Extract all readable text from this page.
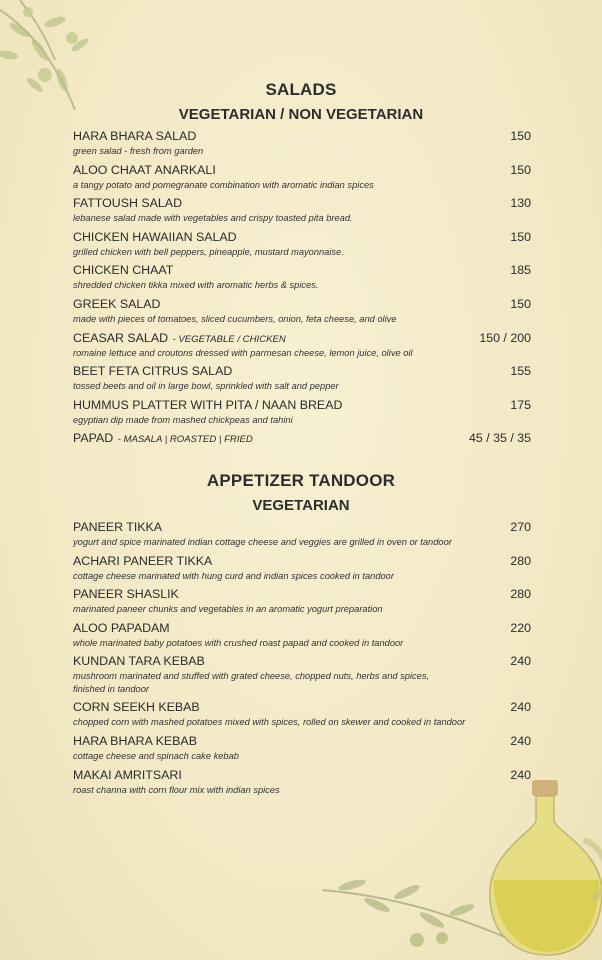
SALADS
VEGETARIAN / NON VEGETARIAN
HARA BHARA SALAD	150
green salad - fresh from garden
ALOO CHAAT ANARKALI	150
a tangy potato and pomegranate combination with aromatic indian spices
FATTOUSH SALAD	130
lebanese salad made with vegetables and crispy toasted pita bread.
CHICKEN HAWAIIAN SALAD	150
grilled chicken with bell peppers, pineapple, mustard mayonnaise.
CHICKEN CHAAT	185
shredded chicken tikka mixed with aromatic herbs & spices.
GREEK SALAD	150
made with pieces of tomatoes, sliced cucumbers, onion, feta cheese, and olive
CEASAR SALAD - VEGETABLE / CHICKEN	150 / 200
romaine lettuce and croutons dressed with parmesan cheese, lemon juice, olive oil
BEET FETA CITRUS SALAD	155
tossed beets and oil in large bowl, sprinkled with salt and pepper
HUMMUS PLATTER WITH PITA / NAAN BREAD	175
egyptian dip made from mashed chickpeas and tahini
PAPAD - MASALA | ROASTED | FRIED	45 / 35 / 35
APPETIZER TANDOOR
VEGETARIAN
PANEER TIKKA	270
yogurt and spice marinated indian cottage cheese and veggies are grilled in oven or tandoor
ACHARI PANEER TIKKA	280
cottage cheese marinated with hung curd and indian spices cooked in tandoor
PANEER SHASLIK	280
marinated paneer chunks and vegetables in an aromatic yogurt preparation
ALOO PAPADAM	220
whole marinated baby potatoes with crushed roast papad and cooked in tandoor
KUNDAN TARA KEBAB	240
mushroom marinated and stuffed with grated cheese, chopped nuts, herbs and spices,
finished in tandoor
CORN SEEKH KEBAB	240
chopped corn with mashed potatoes mixed with spices, rolled on skewer and cooked in tandoor
HARA BHARA KEBAB	240
cottage cheese and spinach cake kebab
MAKAI AMRITSARI	240
roast channa with corn flour mix with indian spices
